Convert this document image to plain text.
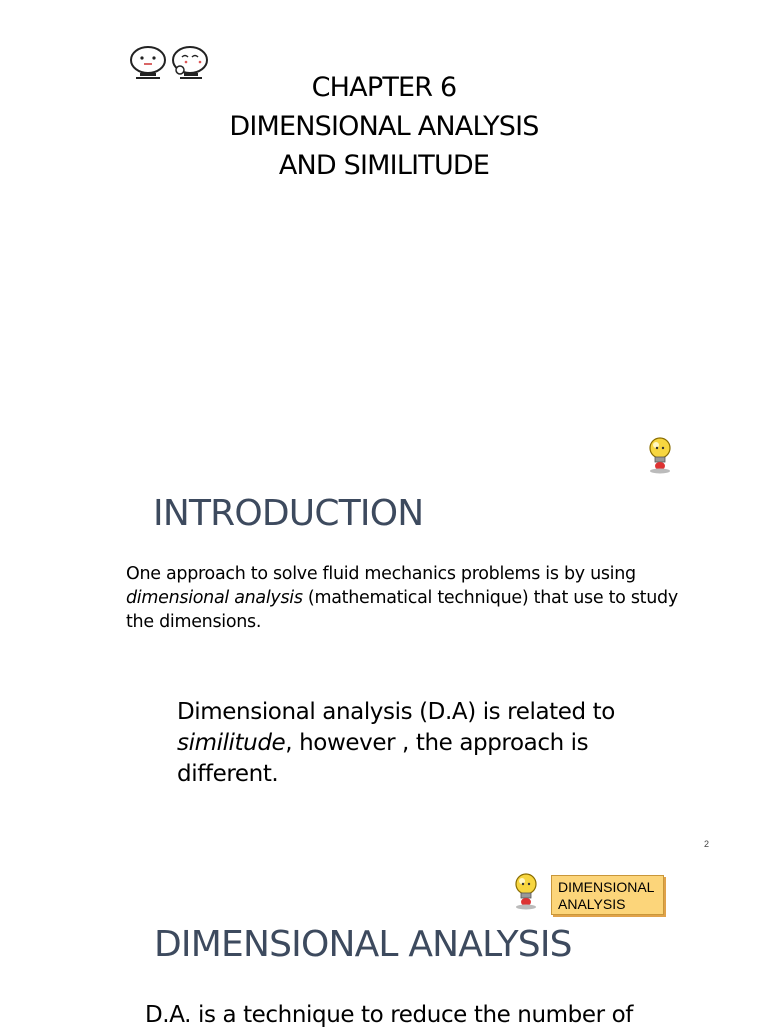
CHAPTER 6
DIMENSIONAL ANALYSIS
AND SIMILITUDE
INTRODUCTION
One approach to solve fluid mechanics problems is by using dimensional analysis (mathematical technique) that use to study the dimensions.
Dimensional analysis (D.A) is related to similitude, however , the approach is different.
2
DIMENSIONAL
ANALYSIS
DIMENSIONAL ANALYSIS
D.A. is a technique to reduce the number of
